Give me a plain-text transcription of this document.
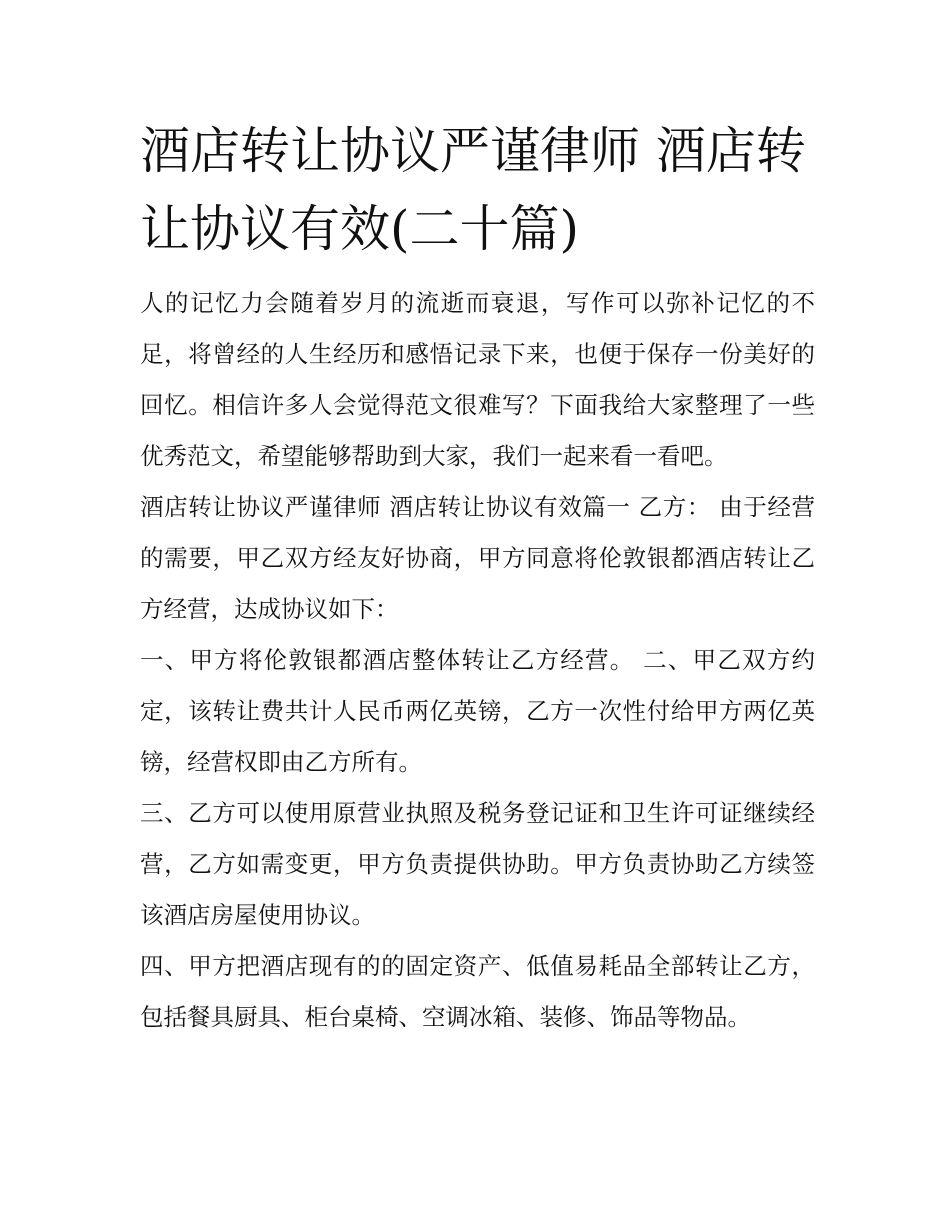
酒店转让协议严谨律师 酒店转让协议有效(二十篇)

人的记忆力会随着岁月的流逝而衰退，写作可以弥补记忆的不足，将曾经的人生经历和感悟记录下来，也便于保存一份美好的回忆。相信许多人会觉得范文很难写？下面我给大家整理了一些优秀范文，希望能够帮助到大家，我们一起来看一看吧。

酒店转让协议严谨律师 酒店转让协议有效篇一 乙方： 由于经营的需要，甲乙双方经友好协商，甲方同意将伦敦银都酒店转让乙方经营，达成协议如下：

一、甲方将伦敦银都酒店整体转让乙方经营。 二、甲乙双方约定，该转让费共计人民币两亿英镑，乙方一次性付给甲方两亿英镑，经营权即由乙方所有。

三、乙方可以使用原营业执照及税务登记证和卫生许可证继续经营，乙方如需变更，甲方负责提供协助。甲方负责协助乙方续签该酒店房屋使用协议。

四、甲方把酒店现有的的固定资产、低值易耗品全部转让乙方，包括餐具厨具、柜台桌椅、空调冰箱、装修、饰品等物品。
